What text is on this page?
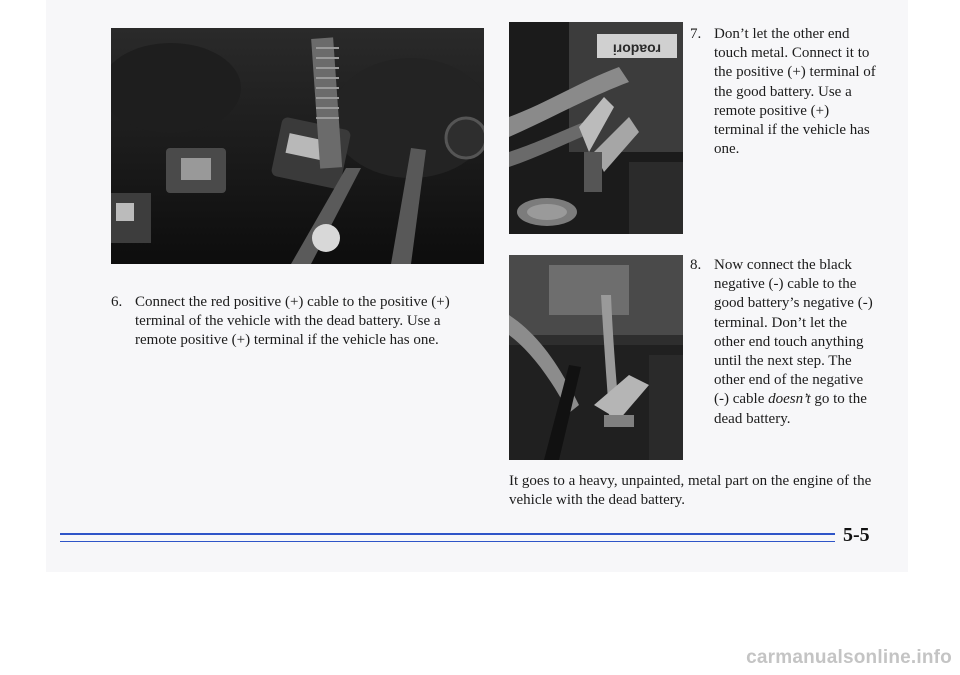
ᴉɹopɐoɹ
6. Connect the red positive (+) cable to the positive (+) terminal of the vehicle with the dead battery. Use a remote positive (+) terminal if the vehicle has one.
7. Don’t let the other end touch metal. Connect it to the positive (+) terminal of the good battery. Use a remote positive (+) terminal if the vehicle has one.
8. Now connect the black negative (-) cable to the good battery’s negative (-) terminal. Don’t let the other end touch anything until the next step. The other end of the negative (-) cable doesn’t go to the dead battery.
It goes to a heavy, unpainted, metal part on the engine of the vehicle with the dead battery.
5-5
carmanualsonline.info
